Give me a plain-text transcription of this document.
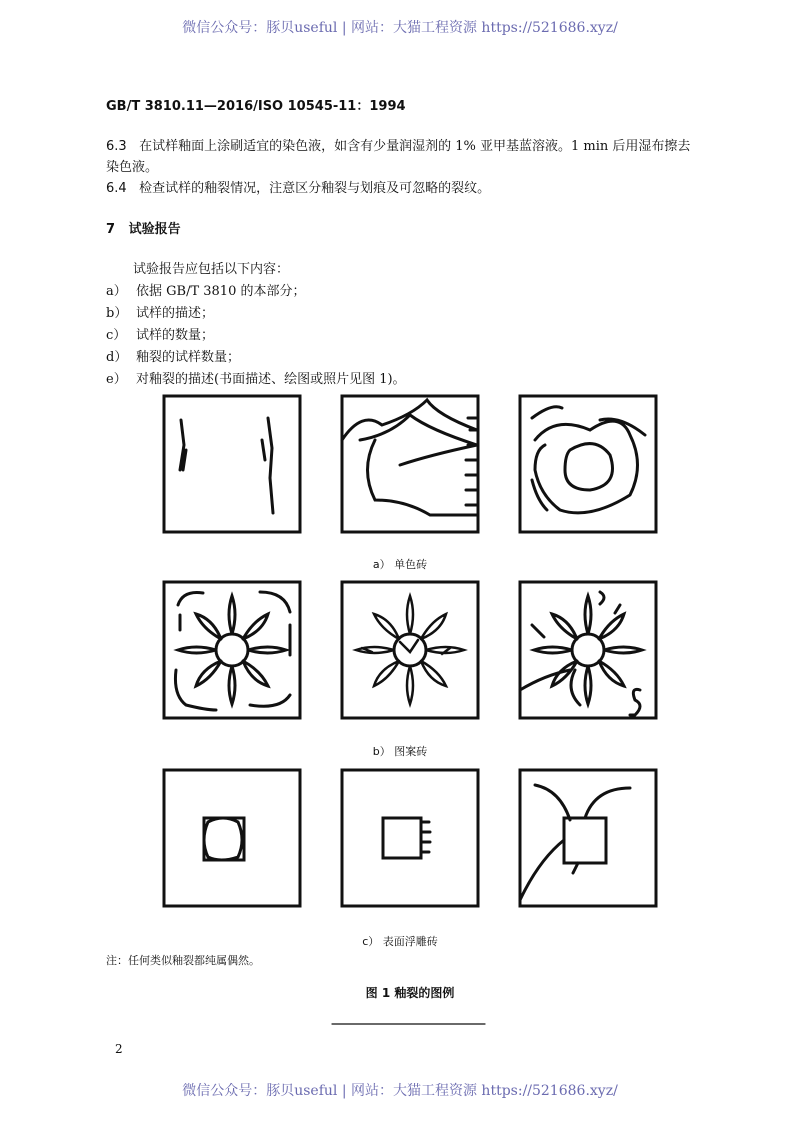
微信公众号：豚贝useful | 网站：大猫工程资源 https://521686.xyz/
GB/T 3810.11—2016/ISO 10545-11：1994
6.3 在试样釉面上涂刷适宜的染色液，如含有少量润湿剂的 1% 亚甲基蓝溶液。1 min 后用湿布擦去
染色液。
6.4 检查试样的釉裂情况，注意区分釉裂与划痕及可忽略的裂纹。
7 试验报告
试验报告应包括以下内容：
a） 依据 GB/T 3810 的本部分；
b） 试样的描述；
c） 试样的数量；
d） 釉裂的试样数量；
e） 对釉裂的描述(书面描述、绘图或照片见图 1)。
a） 单色砖
b） 图案砖
c） 表面浮雕砖
注：任何类似釉裂都纯属偶然。
图 1 釉裂的图例
2
微信公众号：豚贝useful | 网站：大猫工程资源 https://521686.xyz/
